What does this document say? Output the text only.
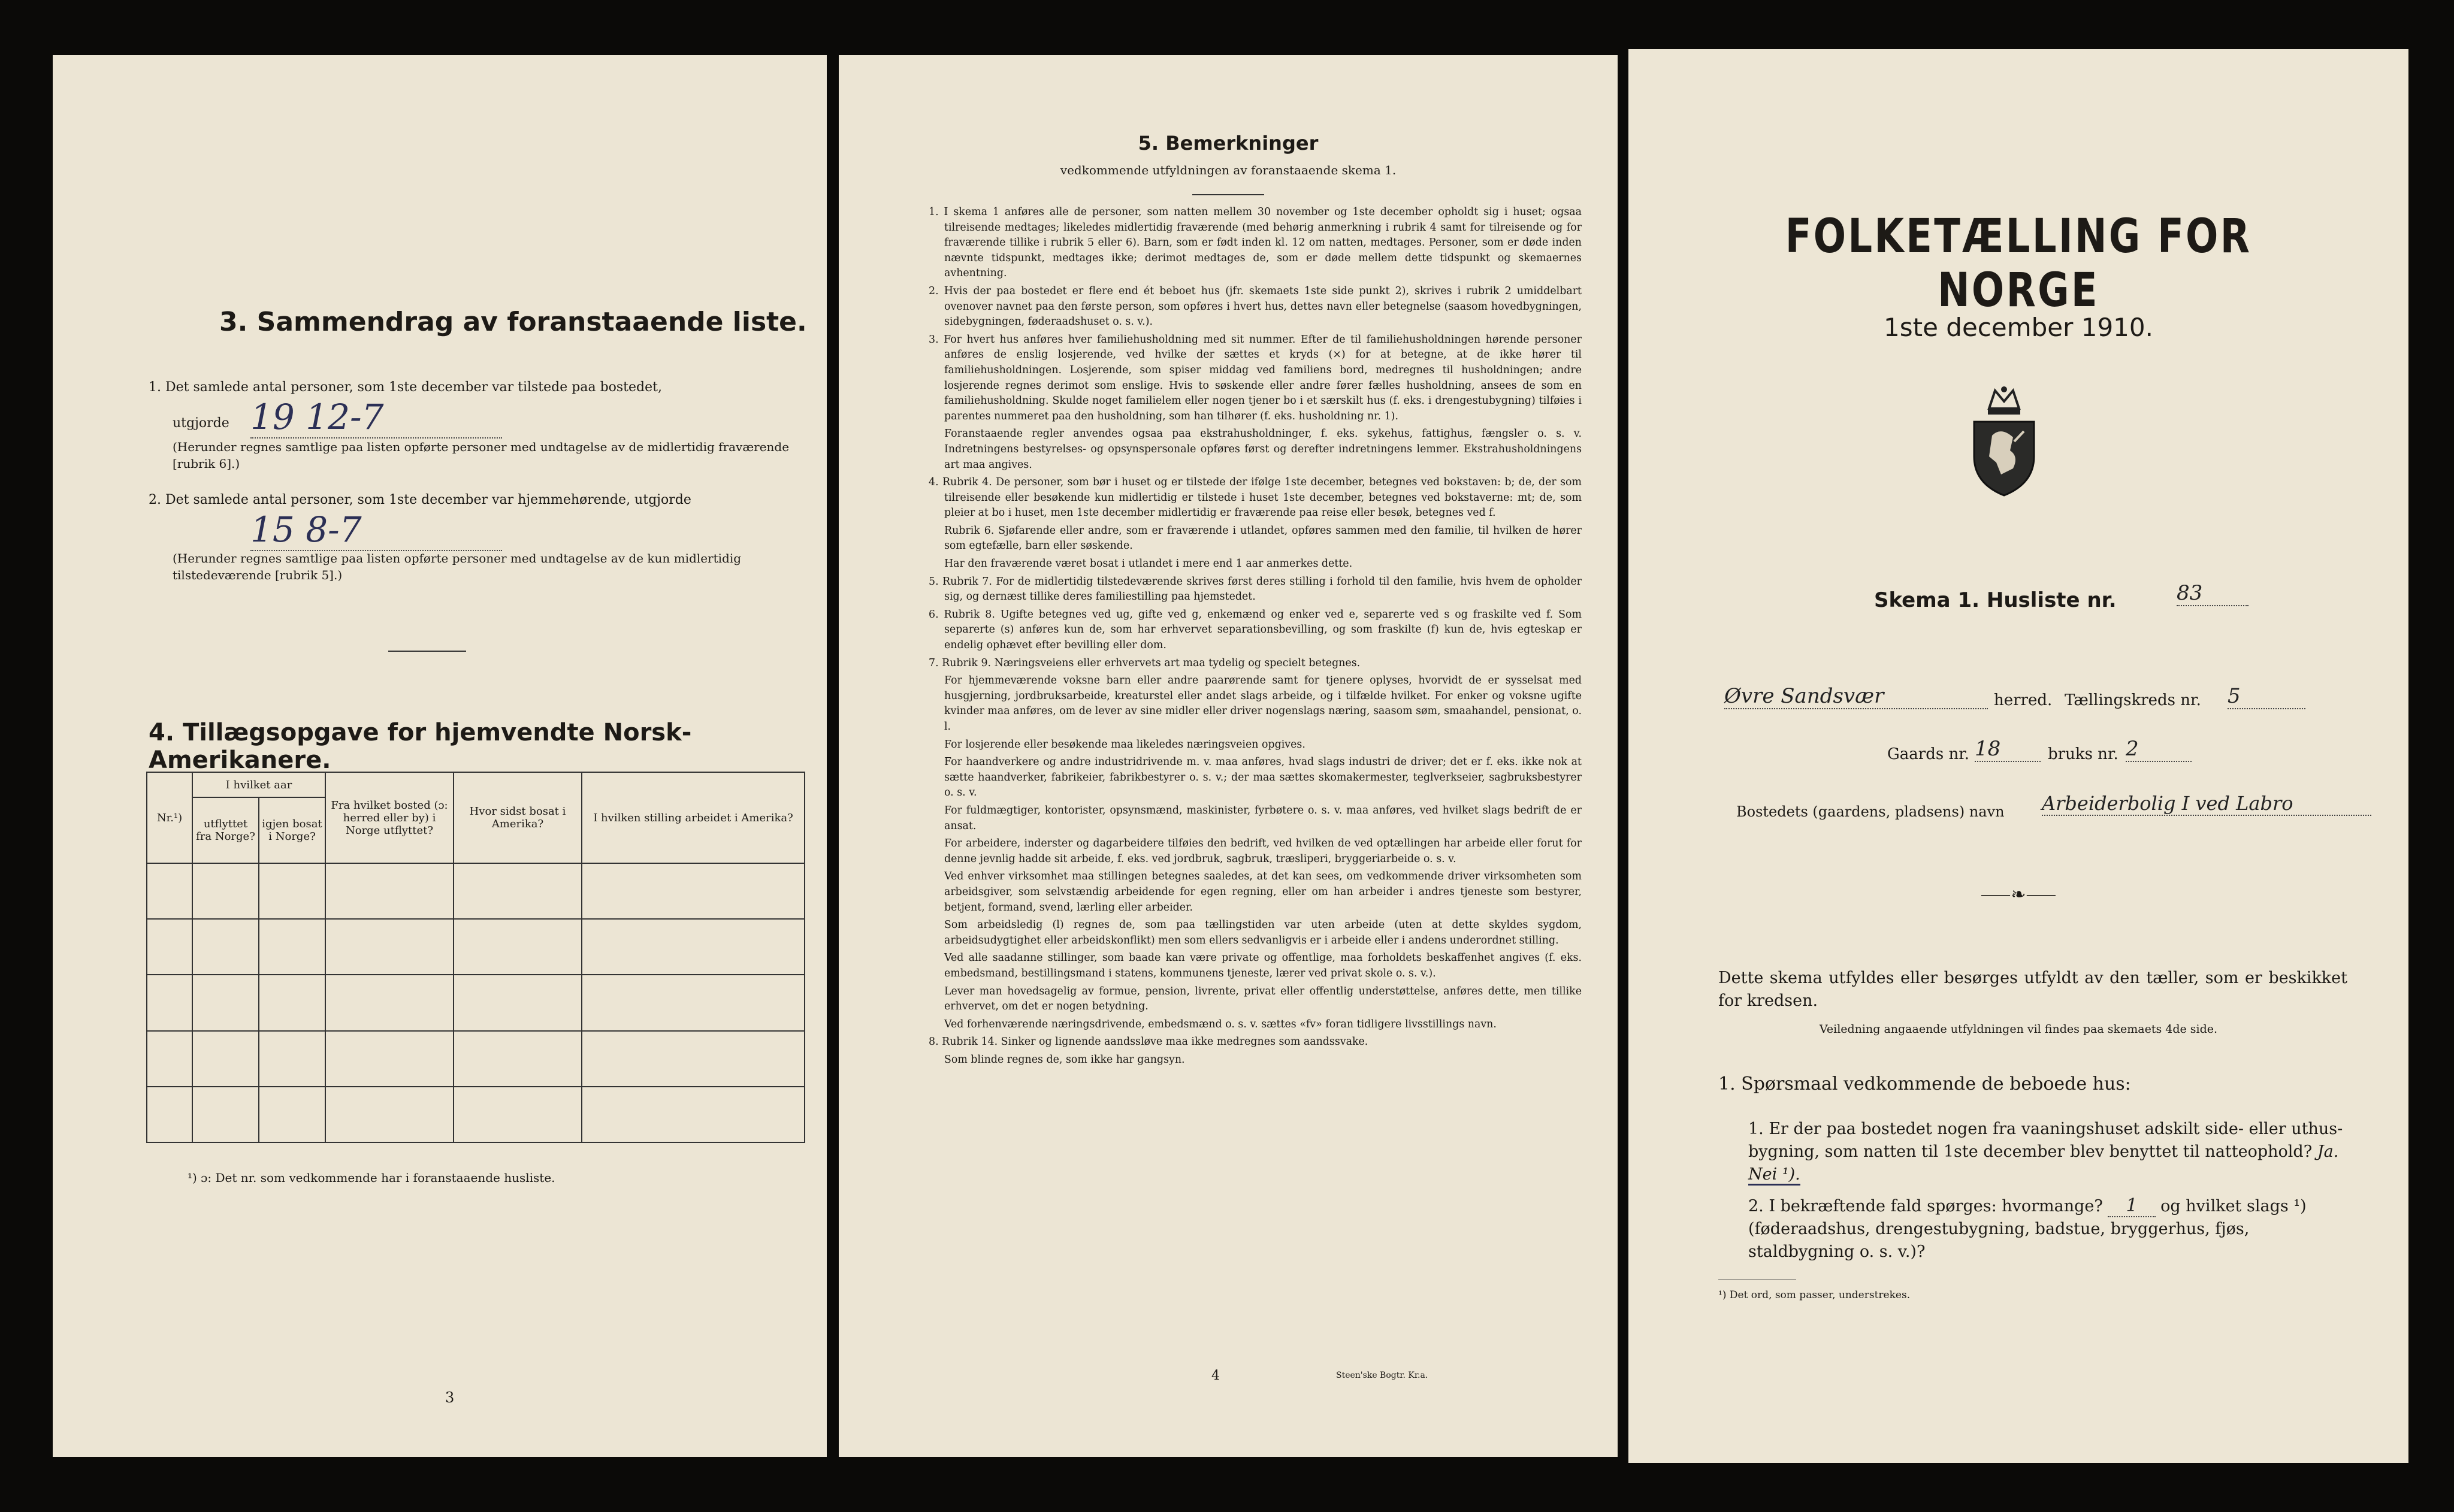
3. Sammendrag av foranstaaende liste.
1. Det samlede antal personer, som 1ste december var tilstede paa bostedet,
utgjorde 19 12-7
(Herunder regnes samtlige paa listen opførte personer med undtagelse av de midlertidig fraværende [rubrik 6].)
2. Det samlede antal personer, som 1ste december var hjemmehørende, utgjorde
15 8-7
(Herunder regnes samtlige paa listen opførte personer med undtagelse av de kun midlertidig tilstedeværende [rubrik 5].)
4. Tillægsopgave for hjemvendte Norsk-Amerikanere.
Nr.¹)	I hvilket aar		Fra hvilket bosted (ɔ: herred eller by) i Norge utflyttet?	Hvor sidst bosat i Amerika?	I hvilken stilling arbeidet i Amerika?
	utflyttet fra Norge?	igjen bosat i Norge?			

¹) ɔ: Det nr. som vedkommende har i foranstaaende husliste.
3
5. Bemerkninger
vedkommende utfyldningen av foranstaaende skema 1.
1. I skema 1 anføres alle de personer, som natten mellem 30 november og 1ste december opholdt sig i huset; ogsaa tilreisende medtages; likeledes midlertidig fraværende (med behørig anmerkning i rubrik 4 samt for tilreisende og for fraværende tillike i rubrik 5 eller 6). Barn, som er født inden kl. 12 om natten, medtages. Personer, som er døde inden nævnte tidspunkt, medtages ikke; derimot medtages de, som er døde mellem dette tidspunkt og skemaernes avhentning.
2. Hvis der paa bostedet er flere end ét beboet hus (jfr. skemaets 1ste side punkt 2), skrives i rubrik 2 umiddelbart ovenover navnet paa den første person, som opføres i hvert hus, dettes navn eller betegnelse (saasom hovedbygningen, sidebygningen, føderaadshuset o. s. v.).
3. For hvert hus anføres hver familiehusholdning med sit nummer. Efter de til familiehusholdningen hørende personer anføres de enslig losjerende, ved hvilke der sættes et kryds (×) for at betegne, at de ikke hører til familiehusholdningen. Losjerende, som spiser middag ved familiens bord, medregnes til husholdningen; andre losjerende regnes derimot som enslige. Hvis to søskende eller andre fører fælles husholdning, ansees de som en familiehusholdning. Skulde noget familielem eller nogen tjener bo i et særskilt hus (f. eks. i drengestubygning) tilføies i parentes nummeret paa den husholdning, som han tilhører (f. eks. husholdning nr. 1).
Foranstaaende regler anvendes ogsaa paa ekstrahusholdninger, f. eks. sykehus, fattighus, fængsler o. s. v. Indretningens bestyrelses- og opsynspersonale opføres først og derefter indretningens lemmer. Ekstrahusholdningens art maa angives.
4. Rubrik 4. De personer, som bør i huset og er tilstede der ifølge 1ste december, betegnes ved bokstaven: b; de, der som tilreisende eller besøkende kun midlertidig er tilstede i huset 1ste december, betegnes ved bokstaverne: mt; de, som pleier at bo i huset, men 1ste december midlertidig er fraværende paa reise eller besøk, betegnes ved f.
Rubrik 6. Sjøfarende eller andre, som er fraværende i utlandet, opføres sammen med den familie, til hvilken de hører som egtefælle, barn eller søskende.
Har den fraværende været bosat i utlandet i mere end 1 aar anmerkes dette.
5. Rubrik 7. For de midlertidig tilstedeværende skrives først deres stilling i forhold til den familie, hvis hvem de opholder sig, og dernæst tillike deres familiestilling paa hjemstedet.
6. Rubrik 8. Ugifte betegnes ved ug, gifte ved g, enkemænd og enker ved e, separerte ved s og fraskilte ved f. Som separerte (s) anføres kun de, som har erhvervet separationsbevilling, og som fraskilte (f) kun de, hvis egteskap er endelig ophævet efter bevilling eller dom.
7. Rubrik 9. Næringsveiens eller erhvervets art maa tydelig og specielt betegnes.
For hjemmeværende voksne barn eller andre paarørende samt for tjenere oplyses, hvorvidt de er sysselsat med husgjerning, jordbruksarbeide, kreaturstel eller andet slags arbeide, og i tilfælde hvilket. For enker og voksne ugifte kvinder maa anføres, om de lever av sine midler eller driver nogenslags næring, saasom søm, smaahandel, pensionat, o. l.
For losjerende eller besøkende maa likeledes næringsveien opgives.
For haandverkere og andre industridrivende m. v. maa anføres, hvad slags industri de driver; det er f. eks. ikke nok at sætte haandverker, fabrikeier, fabrikbestyrer o. s. v.; der maa sættes skomakermester, teglverkseier, sagbruksbestyrer o. s. v.
For fuldmægtiger, kontorister, opsynsmænd, maskinister, fyrbøtere o. s. v. maa anføres, ved hvilket slags bedrift de er ansat.
For arbeidere, inderster og dagarbeidere tilføies den bedrift, ved hvilken de ved optællingen har arbeide eller forut for denne jevnlig hadde sit arbeide, f. eks. ved jordbruk, sagbruk, træsliperi, bryggeriarbeide o. s. v.
Ved enhver virksomhet maa stillingen betegnes saaledes, at det kan sees, om vedkommende driver virksomheten som arbeidsgiver, som selvstændig arbeidende for egen regning, eller om han arbeider i andres tjeneste som bestyrer, betjent, formand, svend, lærling eller arbeider.
Som arbeidsledig (l) regnes de, som paa tællingstiden var uten arbeide (uten at dette skyldes sygdom, arbeidsudygtighet eller arbeidskonflikt) men som ellers sedvanligvis er i arbeide eller i andens underordnet stilling.
Ved alle saadanne stillinger, som baade kan være private og offentlige, maa forholdets beskaffenhet angives (f. eks. embedsmand, bestillingsmand i statens, kommunens tjeneste, lærer ved privat skole o. s. v.).
Lever man hovedsagelig av formue, pension, livrente, privat eller offentlig understøttelse, anføres dette, men tillike erhvervet, om det er nogen betydning.
Ved forhenværende næringsdrivende, embedsmænd o. s. v. sættes «fv» foran tidligere livsstillings navn.
8. Rubrik 14. Sinker og lignende aandssløve maa ikke medregnes som aandssvake.
Som blinde regnes de, som ikke har gangsyn.
4	Steen'ske Bogtr. Kr.a.
FOLKETÆLLING FOR NORGE
1ste december 1910.
Skema 1. Husliste nr.	83
Øvre Sandsvær	herred. Tællingskreds nr. 5
Gaards nr. 18	bruks nr. 2
Bostedets (gaardens, pladsens) navn Arbeiderbolig I ved Labro
⸺❧⸺
Dette skema utfyldes eller besørges utfyldt av den tæller, som er beskikket for kredsen.
Veiledning angaaende utfyldningen vil findes paa skemaets 4de side.
1. Spørsmaal vedkommende de beboede hus:
1. Er der paa bostedet nogen fra vaaningshuset adskilt side- eller uthus-bygning, som natten til 1ste december blev benyttet til natteophold? Ja. Nei ¹).
2. I bekræftende fald spørges: hvormange? 1 og hvilket slags ¹) (føderaadshus, drengestubygning, badstue, bryggerhus, fjøs, staldbygning o. s. v.)?
¹) Det ord, som passer, understrekes.
